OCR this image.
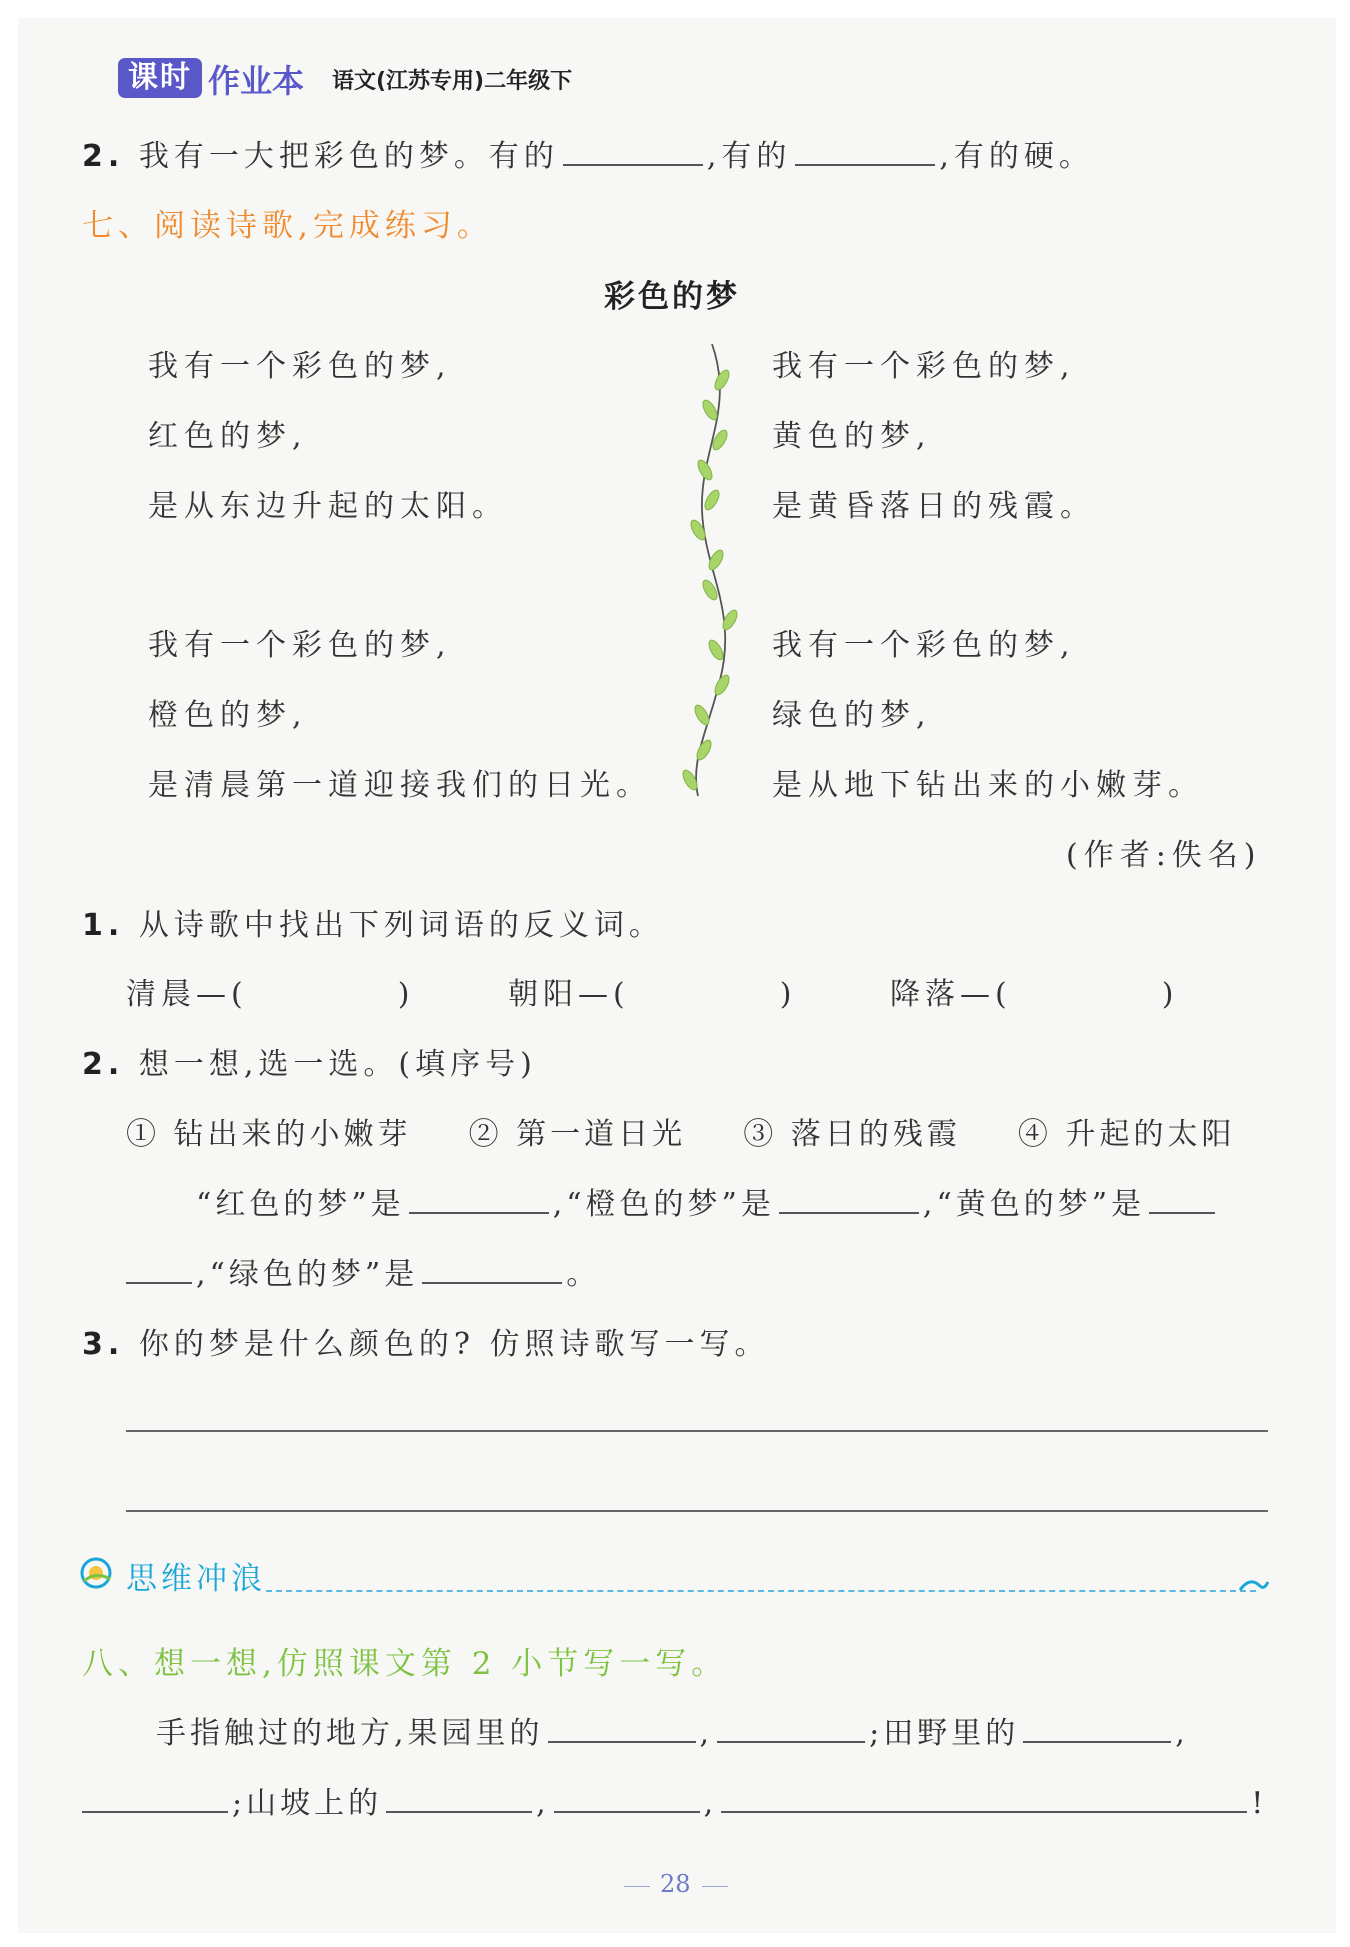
课时 作业本 语文(江苏专用)二年级下
2. 我有一大把彩色的梦。有的	,有的	,有的硬。
七、阅读诗歌,完成练习。
彩色的梦
我有一个彩色的梦,
红色的梦,
是从东边升起的太阳。
我有一个彩色的梦,
橙色的梦,
是清晨第一道迎接我们的日光。
我有一个彩色的梦,
黄色的梦,
是黄昏落日的残霞。
我有一个彩色的梦,
绿色的梦,
是从地下钻出来的小嫩芽。
(作者:佚名)
1. 从诗歌中找出下列词语的反义词。
清晨—(	)	朝阳—(	)	降落—(	)
2. 想一想,选一选。(填序号)
① 钻出来的小嫩芽 ② 第一道日光 ③ 落日的残霞 ④ 升起的太阳
“红色的梦”是	,“橙色的梦”是	,“黄色的梦”是
,“绿色的梦”是	。
3. 你的梦是什么颜色的? 仿照诗歌写一写。
思维冲浪
八、想一想,仿照课文第 2 小节写一写。
手指触过的地方,果园里的	,	;田野里的	,
;山坡上的	,	,	!
28
